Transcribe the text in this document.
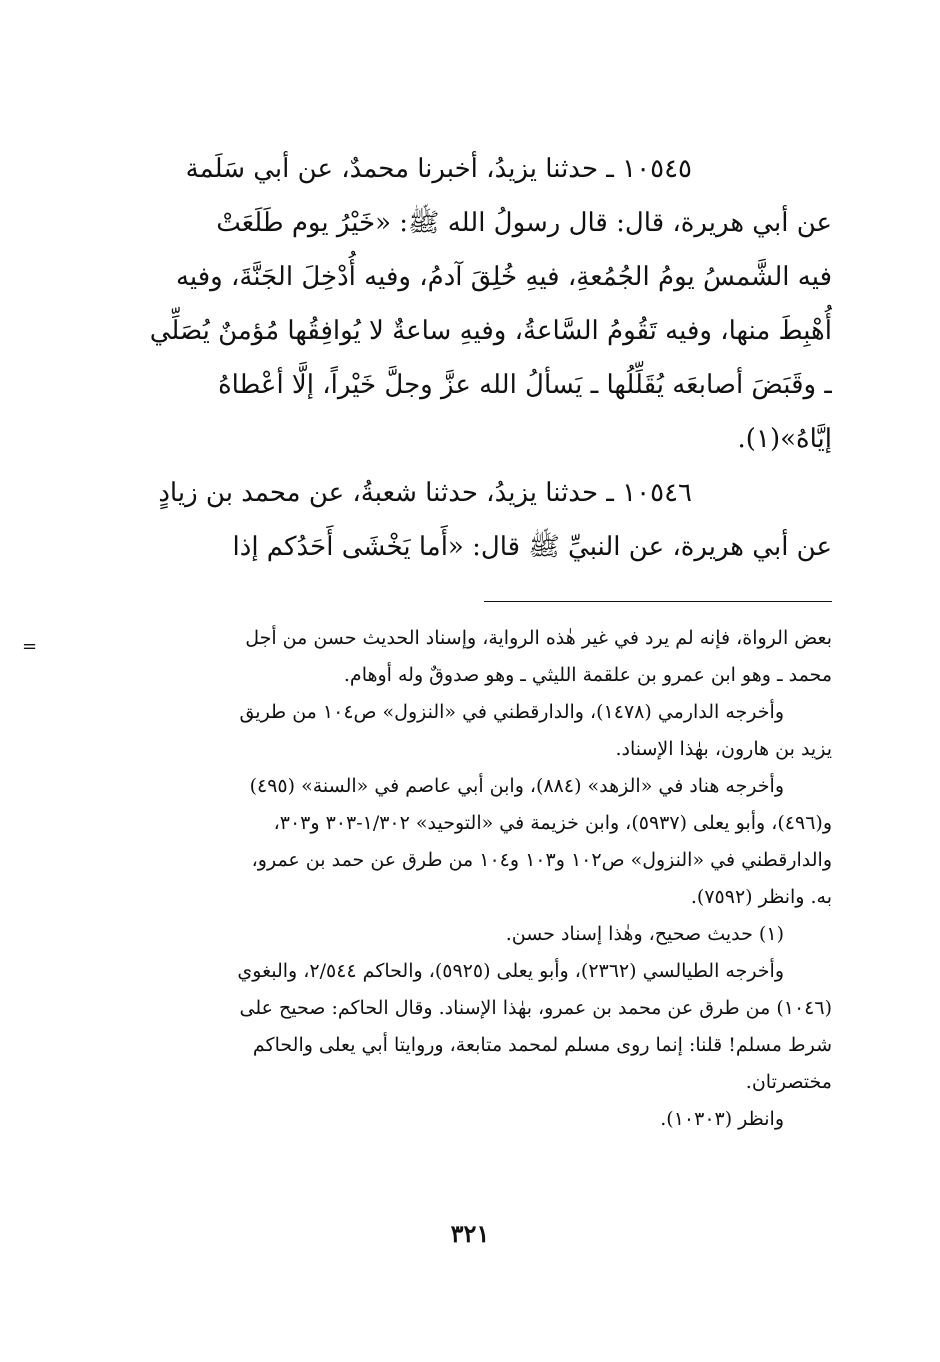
١٠٥٤٥ ـ حدثنا يزيدُ، أخبرنا محمدٌ، عن أبي سَلَمة
عن أبي هريرة، قال: قال رسولُ الله ﷺ: «خَيْرُ يوم طَلَعَتْ
فيه الشَّمسُ يومُ الجُمُعةِ، فيهِ خُلِقَ آدمُ، وفيه أُدْخِلَ الجَنَّةَ، وفيه
أُهْبِطَ منها، وفيه تَقُومُ السَّاعةُ، وفيهِ ساعةٌ لا يُوافِقُها مُؤمنٌ يُصَلِّي
ـ وقَبَضَ أصابعَه يُقَلِّلُها ـ يَسألُ الله عزَّ وجلَّ خَيْراً، إلَّا أعْطاهُ
إيَّاهُ»(١).
١٠٥٤٦ ـ حدثنا يزيدُ، حدثنا شعبةُ، عن محمد بن زيادٍ
عن أبي هريرة، عن النبيِّ ﷺ قال: «أَما يَخْشَى أَحَدُكم إذا
=	بعض الرواة، فإنه لم يرد في غير هٰذه الرواية، وإسناد الحديث حسن من أجل
محمد ـ وهو ابن عمرو بن علقمة الليثي ـ وهو صدوقٌ وله أوهام.
وأخرجه الدارمي (١٤٧٨)، والدارقطني في «النزول» ص١٠٤ من طريق
يزيد بن هارون، بهٰذا الإسناد.
وأخرجه هناد في «الزهد» (٨٨٤)، وابن أبي عاصم في «السنة» (٤٩٥)
و(٤٩٦)، وأبو يعلى (٥٩٣٧)، وابن خزيمة في «التوحيد» ١/٣٠٢-٣٠٣ و٣٠٣،
والدارقطني في «النزول» ص١٠٢ و١٠٣ و١٠٤ من طرق عن حمد بن عمرو،
به. وانظر (٧٥٩٢).
(١) حديث صحيح، وهٰذا إسناد حسن.
وأخرجه الطيالسي (٢٣٦٢)، وأبو يعلى (٥٩٢٥)، والحاكم ٢/٥٤٤، والبغوي
(١٠٤٦) من طرق عن محمد بن عمرو، بهٰذا الإسناد. وقال الحاكم: صحيح على
شرط مسلم! قلنا: إنما روى مسلم لمحمد متابعة، وروايتا أبي يعلى والحاكم
مختصرتان.
وانظر (١٠٣٠٣).
٣٢١
